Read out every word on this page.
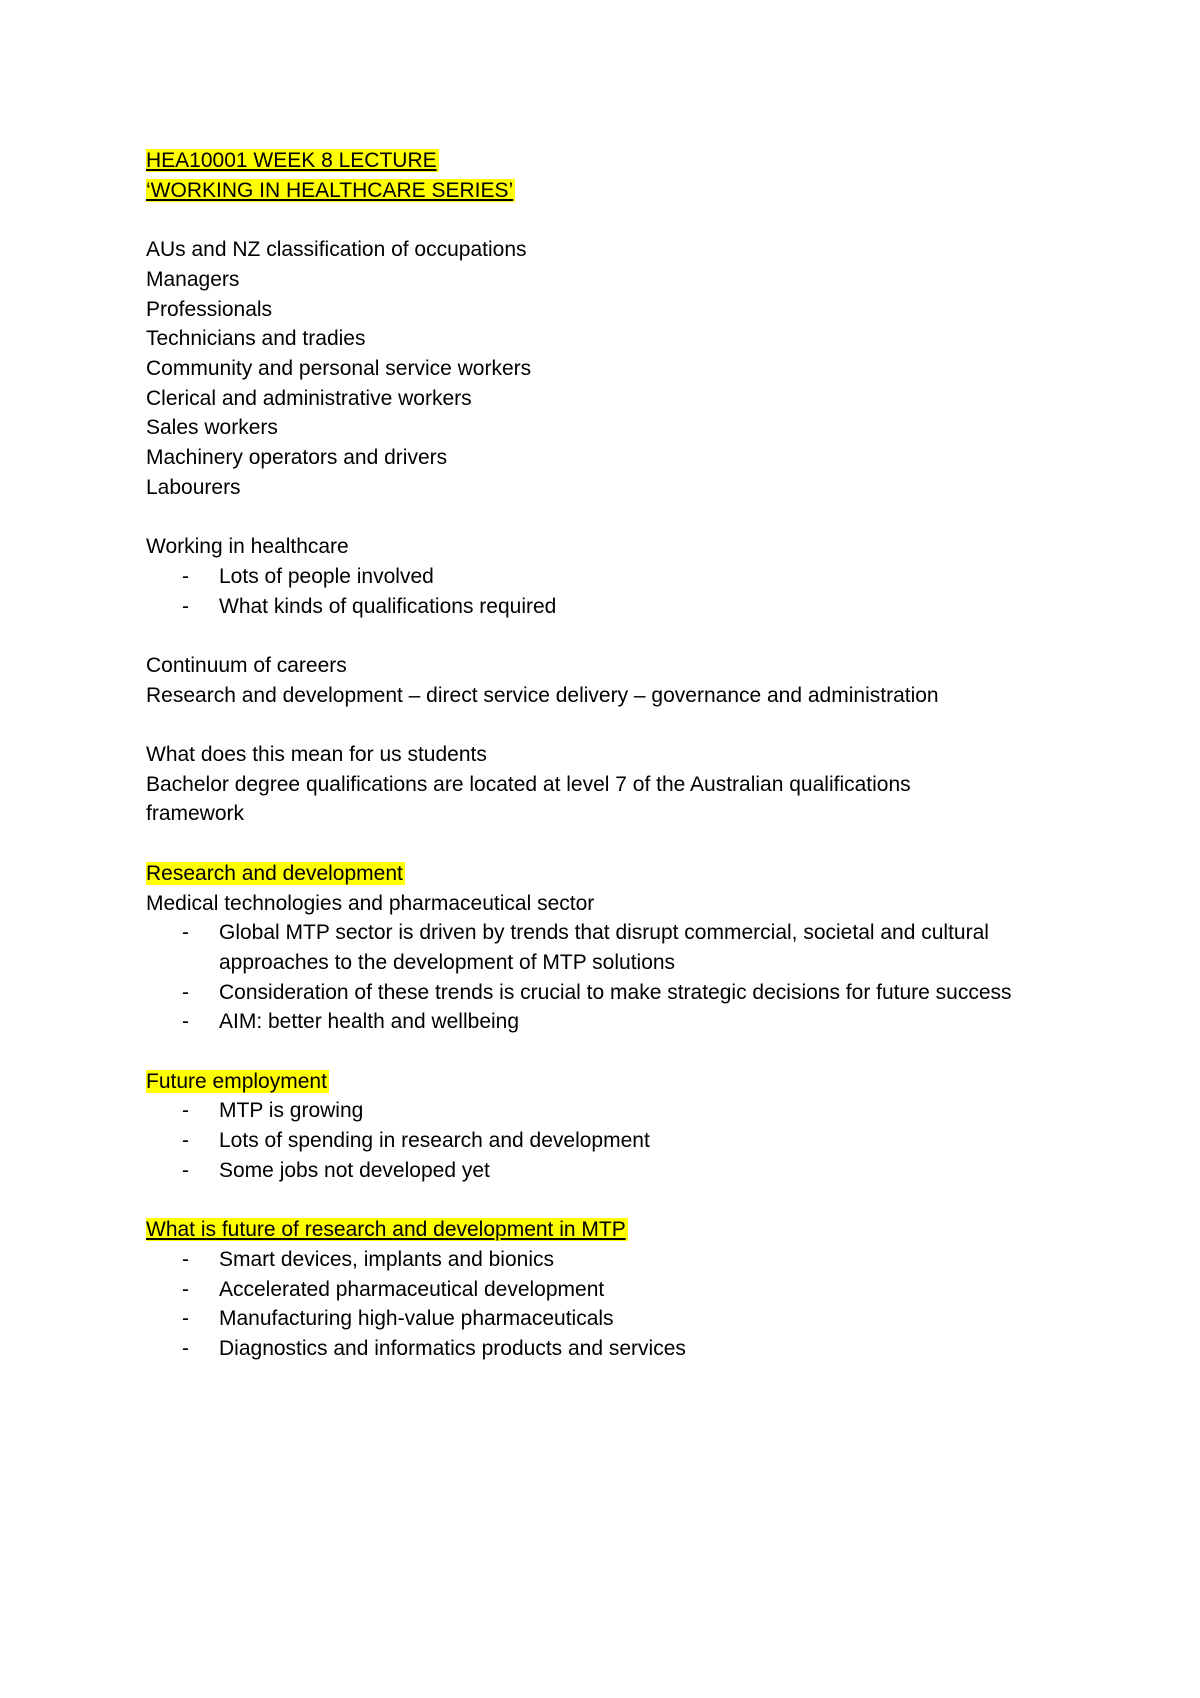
HEA10001 WEEK 8 LECTURE
‘WORKING IN HEALTHCARE SERIES’
AUs and NZ classification of occupations
Managers
Professionals
Technicians and tradies
Community and personal service workers
Clerical and administrative workers
Sales workers
Machinery operators and drivers
Labourers
Working in healthcare
-	Lots of people involved
-	What kinds of qualifications required
Continuum of careers
Research and development – direct service delivery – governance and administration
What does this mean for us students
Bachelor degree qualifications are located at level 7 of the Australian qualifications framework
Research and development
Medical technologies and pharmaceutical sector
-	Global MTP sector is driven by trends that disrupt commercial, societal and cultural approaches to the development of MTP solutions
-	Consideration of these trends is crucial to make strategic decisions for future success
-	AIM: better health and wellbeing
Future employment
-	MTP is growing
-	Lots of spending in research and development
-	Some jobs not developed yet
What is future of research and development in MTP
-	Smart devices, implants and bionics
-	Accelerated pharmaceutical development
-	Manufacturing high-value pharmaceuticals
-	Diagnostics and informatics products and services
